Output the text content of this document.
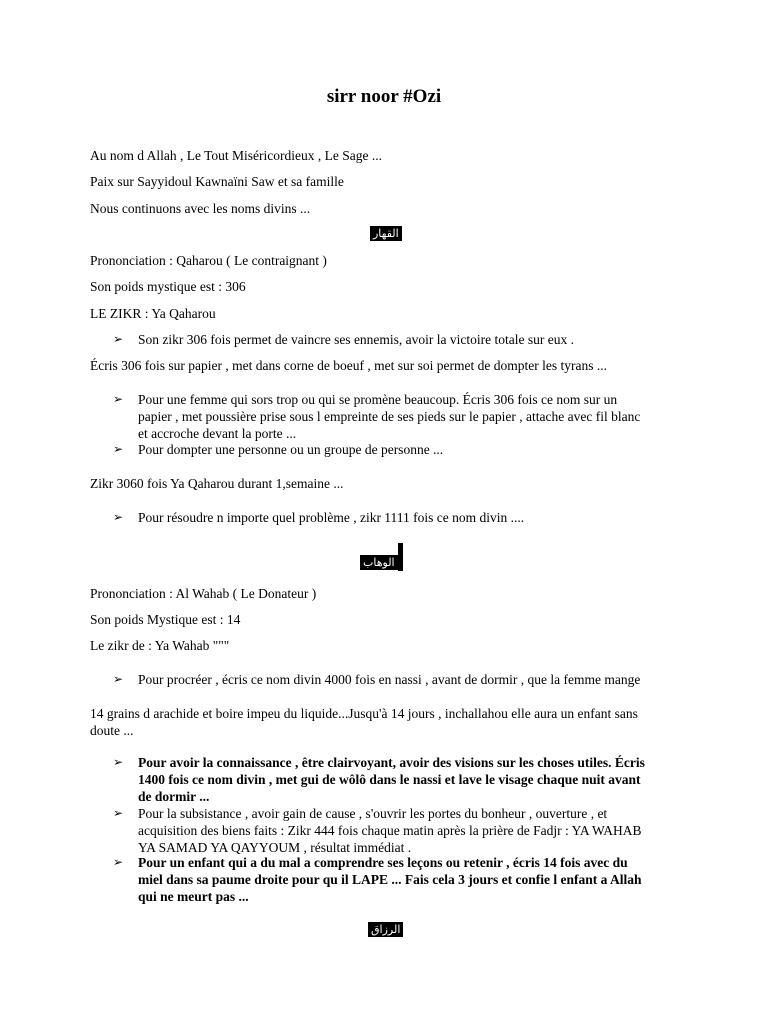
sirr noor #Ozi
Au nom d Allah , Le Tout Miséricordieux , Le Sage ...
Paix sur Sayyidoul Kawnaïni Saw et sa famille
Nous continuons avec les noms divins ...
القهار
Prononciation : Qaharou ( Le contraignant )
Son poids mystique est : 306
LE ZIKR : Ya Qaharou
➢	Son zikr 306 fois permet de vaincre ses ennemis, avoir la victoire totale sur eux .
Écris 306 fois sur papier , met dans corne de boeuf , met sur soi permet de dompter les tyrans ...
➢	Pour une femme qui sors trop ou qui se promène beaucoup. Écris 306 fois ce nom sur un
papier , met poussière prise sous l empreinte de ses pieds sur le papier , attache avec fil blanc
et accroche devant la porte ...
➢	Pour dompter une personne ou un groupe de personne ...
Zikr 3060 fois Ya Qaharou durant 1,semaine ...
➢	Pour résoudre n importe quel problème , zikr 1111 fois ce nom divin ....
الوهاب
Prononciation : Al Wahab ( Le Donateur )
Son poids Mystique est : 14
Le zikr de : Ya Wahab """
➢	Pour procréer , écris ce nom divin 4000 fois en nassi , avant de dormir , que la femme mange
14 grains d arachide et boire impeu du liquide...Jusqu'à 14 jours , inchallahou elle aura un enfant sans
doute ...
➢	Pour avoir la connaissance , être clairvoyant, avoir des visions sur les choses utiles. Écris
1400 fois ce nom divin , met gui de wôlô dans le nassi et lave le visage chaque nuit avant
de dormir ...
➢	Pour la subsistance , avoir gain de cause , s'ouvrir les portes du bonheur , ouverture , et
acquisition des biens faits : Zikr 444 fois chaque matin après la prière de Fadjr : YA WAHAB
YA SAMAD YA QAYYOUM , résultat immédiat .
➢	Pour un enfant qui a du mal a comprendre ses leçons ou retenir , écris 14 fois avec du
miel dans sa paume droite pour qu il LAPE ... Fais cela 3 jours et confie l enfant a Allah
qui ne meurt pas ...
الرزاق
